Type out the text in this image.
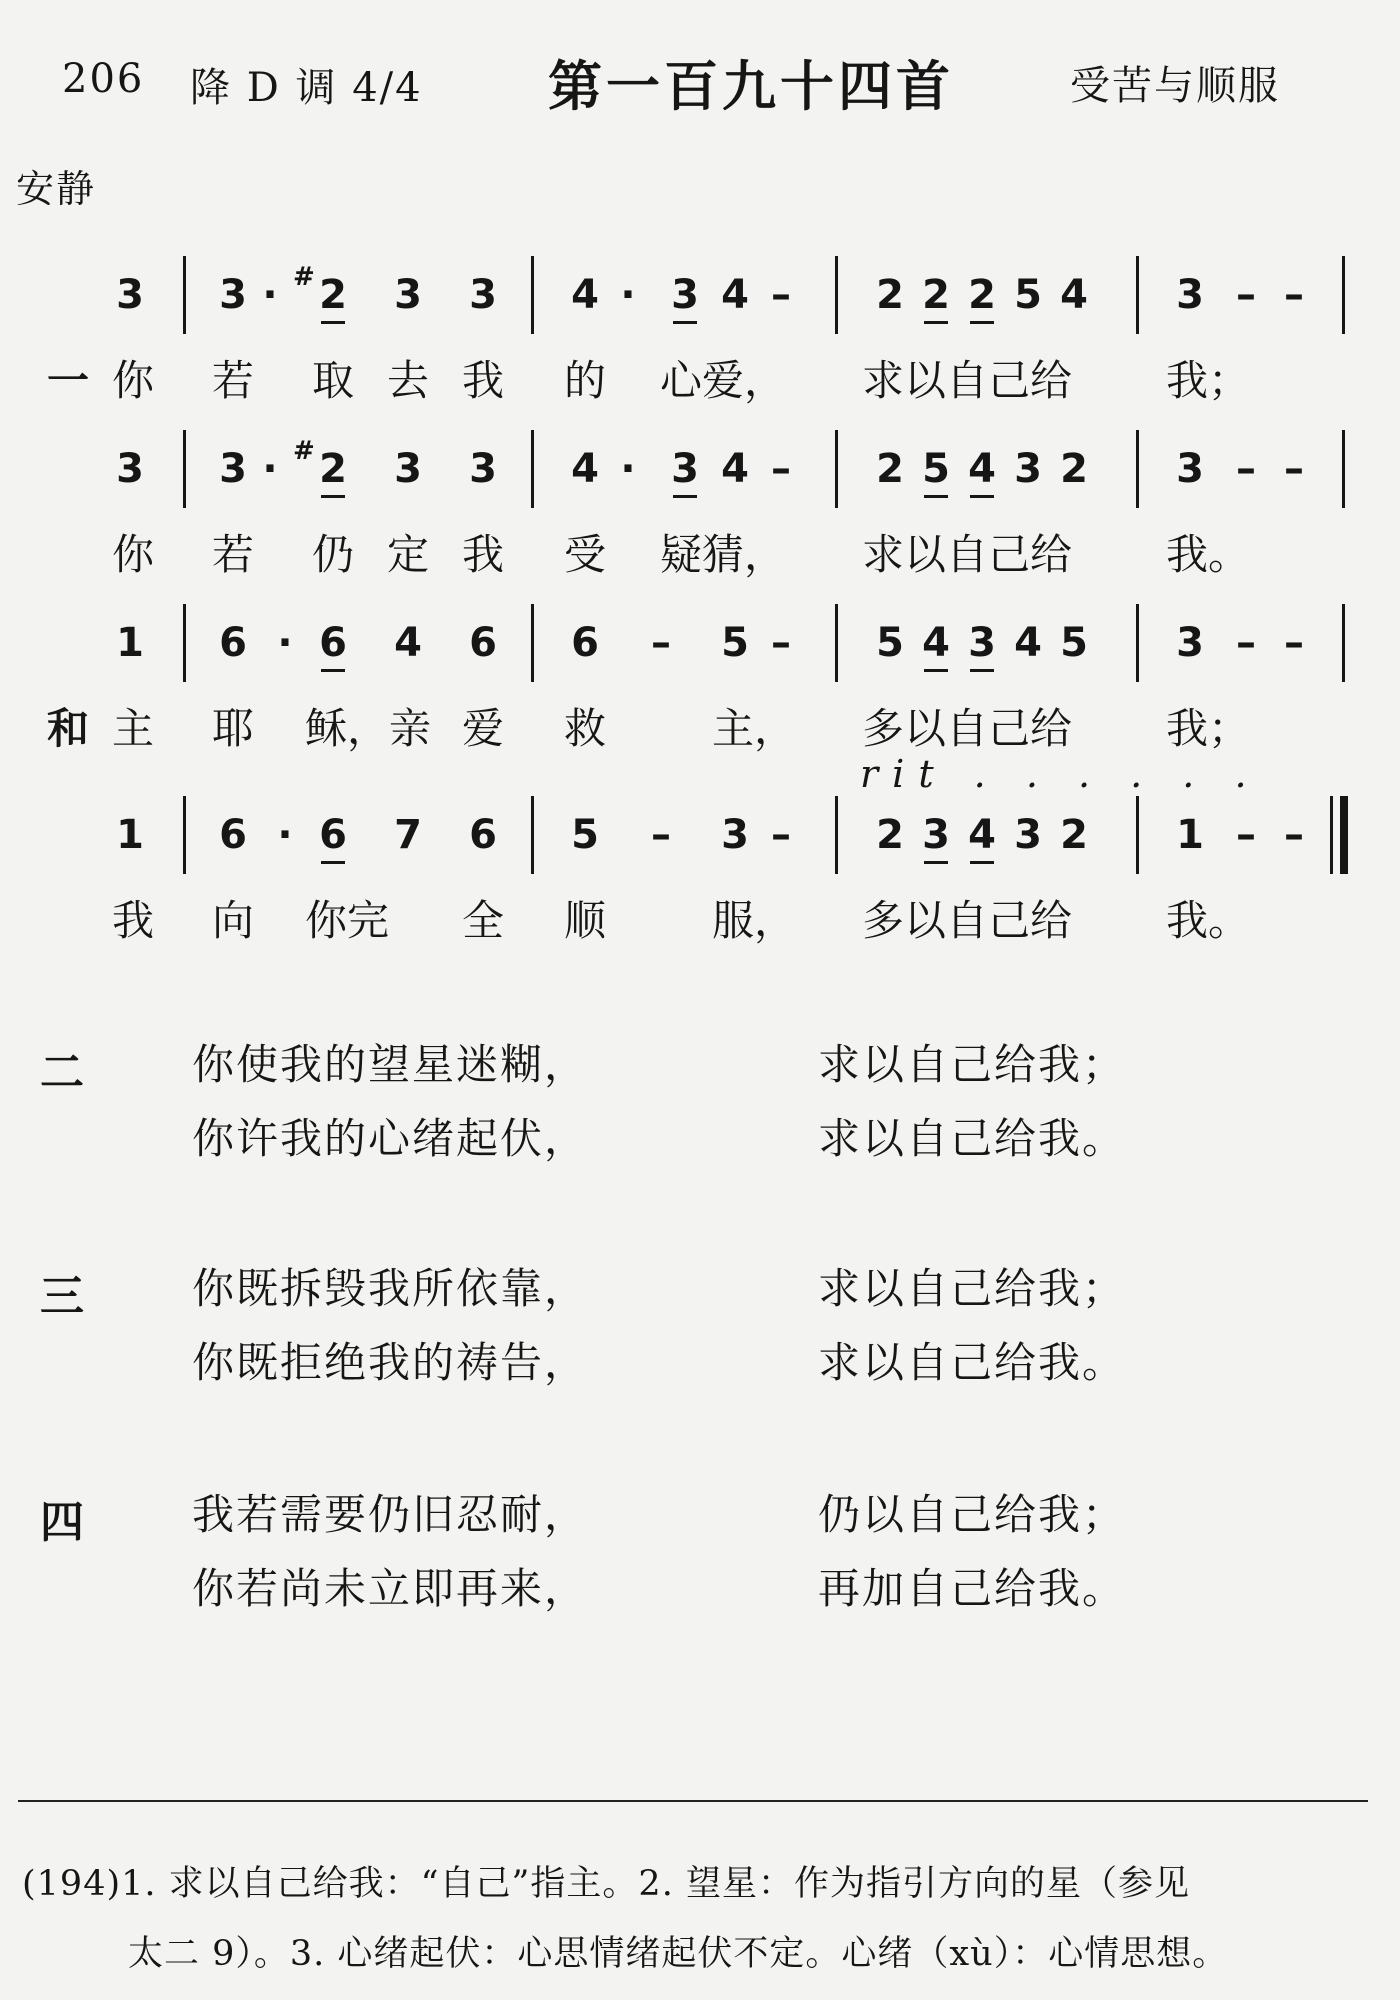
206 降 D 调 4/4 第一百九十四首	受苦与顺服
安静
3 3 · # 2 3 3 4 · 3 4 – 2 2 2 5 4 3 – –
一 你 若 取 去 我 的 心爱， 求以自己给 我；
3 3 · # 2 3 3 4 · 3 4 – 2 5 4 3 2 3 – –
你 若 仍 定 我 受 疑猜， 求以自己给 我。
1 6 · 6 4 6 6 – 5 – 5 4 3 4 5 3 – –
和 主 耶 稣，亲 爱 救	主， 多以自己给 我；
rit . . . . . .
1 6 · 6 7 6 5 – 3 – 2 3 4 3 2 1 – –
我 向 你完 全 顺	服， 多以自己给 我。
二	你使我的望星迷糊，	求以自己给我；
你许我的心绪起伏，	求以自己给我。
三	你既拆毁我所依靠，	求以自己给我；
你既拒绝我的祷告，	求以自己给我。
四	我若需要仍旧忍耐，	仍以自己给我；
你若尚未立即再来，	再加自己给我。
(194)1. 求以自己给我：“自己”指主。2. 望星：作为指引方向的星（参见
太二 9）。3. 心绪起伏：心思情绪起伏不定。心绪（xù）：心情思想。
